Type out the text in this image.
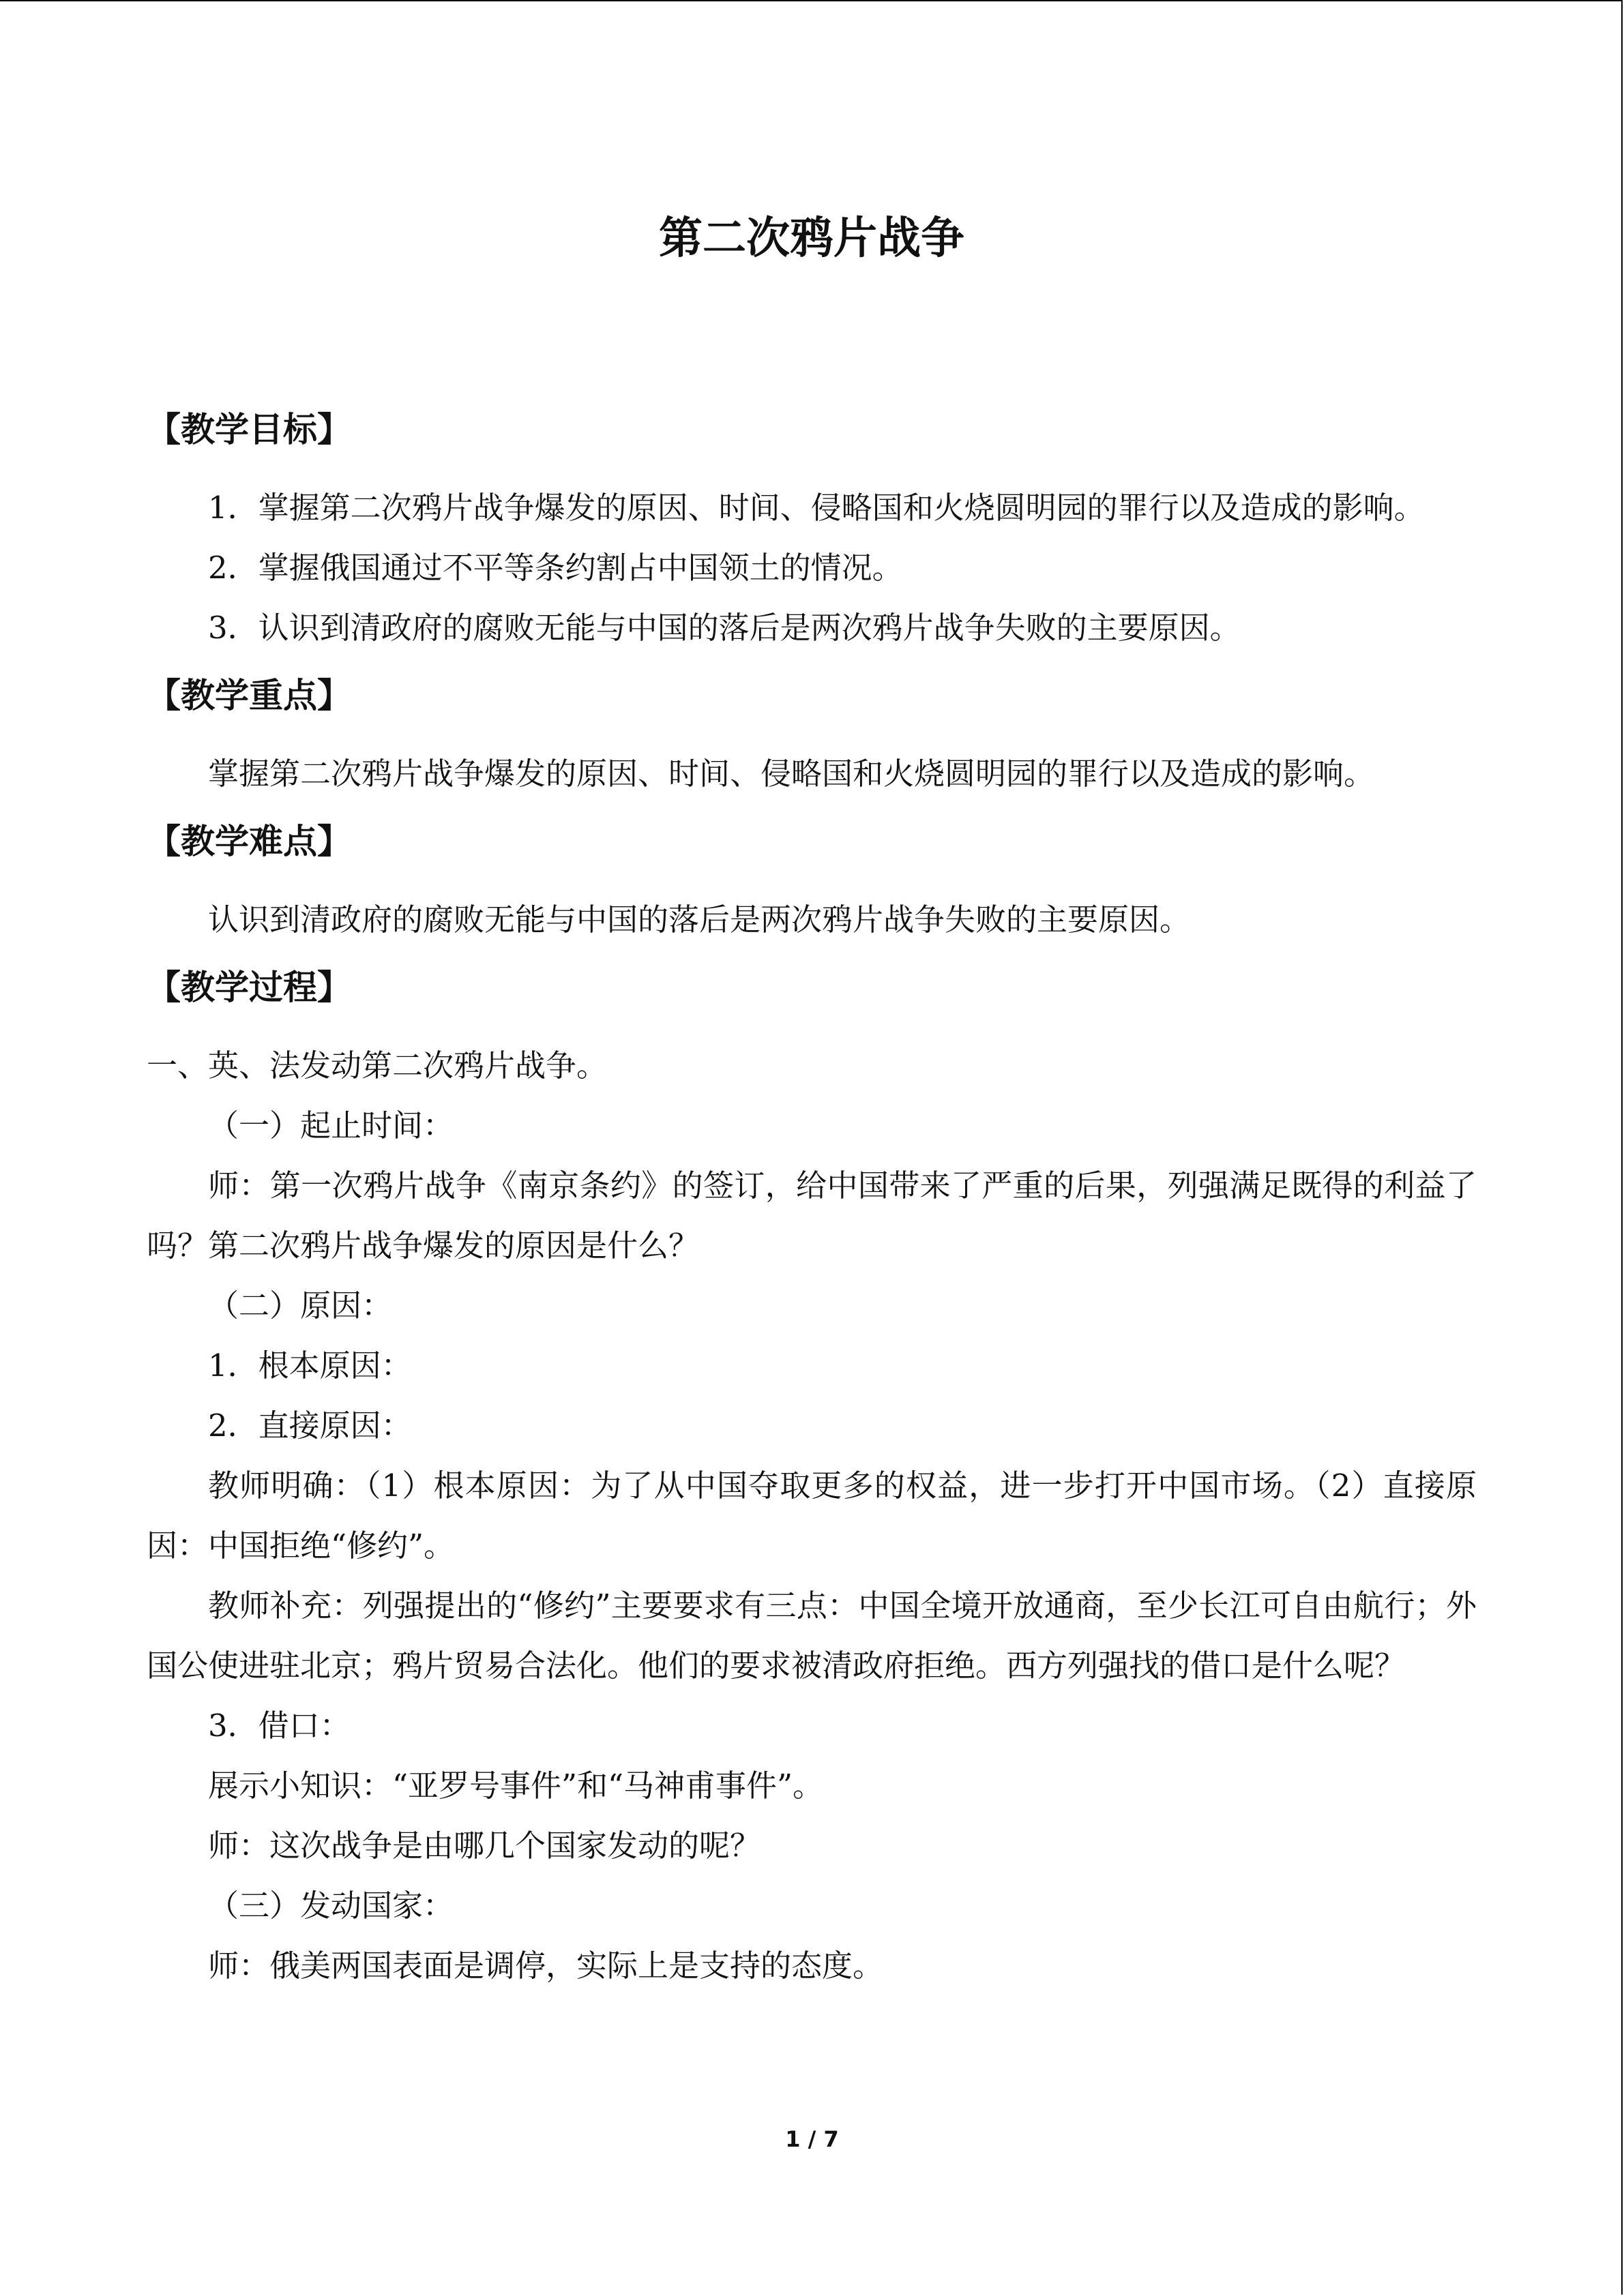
第二次鸦片战争
【教学目标】

1．掌握第二次鸦片战争爆发的原因、时间、侵略国和火烧圆明园的罪行以及造成的影响。

2．掌握俄国通过不平等条约割占中国领土的情况。

3．认识到清政府的腐败无能与中国的落后是两次鸦片战争失败的主要原因。

【教学重点】

掌握第二次鸦片战争爆发的原因、时间、侵略国和火烧圆明园的罪行以及造成的影响。

【教学难点】

认识到清政府的腐败无能与中国的落后是两次鸦片战争失败的主要原因。

【教学过程】

一、英、法发动第二次鸦片战争。

（一）起止时间：

师：第一次鸦片战争《南京条约》的签订，给中国带来了严重的后果，列强满足既得的利益了吗？第二次鸦片战争爆发的原因是什么？

（二）原因：

1．根本原因：

2．直接原因：

教师明确：（1）根本原因：为了从中国夺取更多的权益，进一步打开中国市场。（2）直接原因：中国拒绝“修约”。

教师补充：列强提出的“修约”主要要求有三点：中国全境开放通商，至少长江可自由航行；外国公使进驻北京；鸦片贸易合法化。他们的要求被清政府拒绝。西方列强找的借口是什么呢？

3．借口：

展示小知识：“亚罗号事件”和“马神甫事件”。

师：这次战争是由哪几个国家发动的呢？

（三）发动国家：

师：俄美两国表面是调停，实际上是支持的态度。

1 / 7
